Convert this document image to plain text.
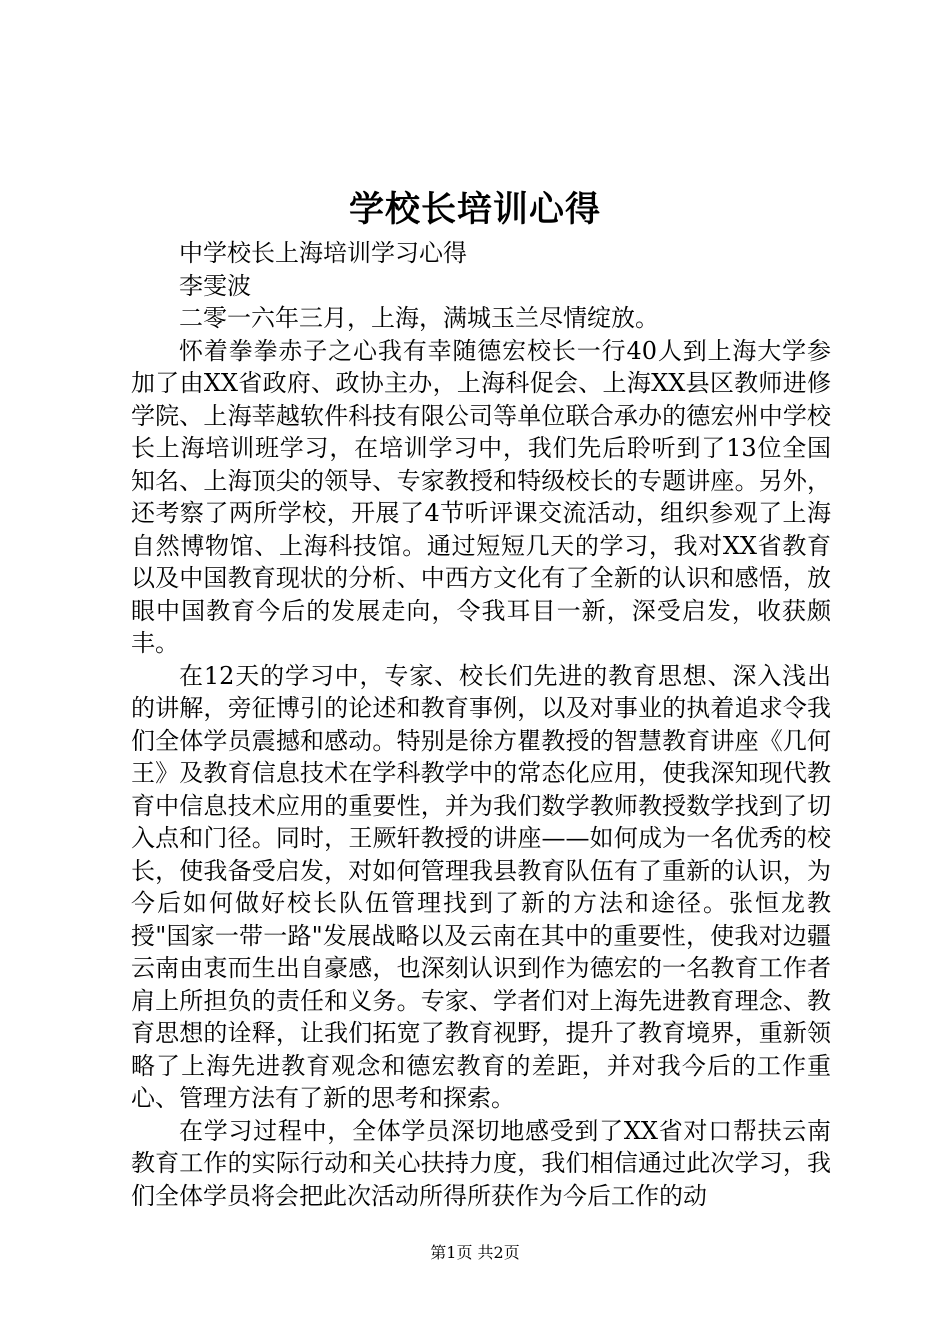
学校长培训心得

中学校长上海培训学习心得

李雯波

二零一六年三月，上海，满城玉兰尽情绽放。

怀着拳拳赤子之心我有幸随德宏校长一行40人到上海大学参加了由XX省政府、政协主办，上海科促会、上海XX县区教师进修学院、上海莘越软件科技有限公司等单位联合承办的德宏州中学校长上海培训班学习，在培训学习中，我们先后聆听到了13位全国知名、上海顶尖的领导、专家教授和特级校长的专题讲座。另外，还考察了两所学校，开展了4节听评课交流活动，组织参观了上海自然博物馆、上海科技馆。通过短短几天的学习，我对XX省教育以及中国教育现状的分析、中西方文化有了全新的认识和感悟，放眼中国教育今后的发展走向，令我耳目一新，深受启发，收获颇丰。

在12天的学习中，专家、校长们先进的教育思想、深入浅出的讲解，旁征博引的论述和教育事例，以及对事业的执着追求令我们全体学员震撼和感动。特别是徐方瞿教授的智慧教育讲座《几何王》及教育信息技术在学科教学中的常态化应用，使我深知现代教育中信息技术应用的重要性，并为我们数学教师教授数学找到了切入点和门径。同时，王厥轩教授的讲座——如何成为一名优秀的校长，使我备受启发，对如何管理我县教育队伍有了重新的认识，为今后如何做好校长队伍管理找到了新的方法和途径。张恒龙教授"国家一带一路"发展战略以及云南在其中的重要性，使我对边疆云南由衷而生出自豪感，也深刻认识到作为德宏的一名教育工作者肩上所担负的责任和义务。专家、学者们对上海先进教育理念、教育思想的诠释，让我们拓宽了教育视野，提升了教育境界，重新领略了上海先进教育观念和德宏教育的差距，并对我今后的工作重心、管理方法有了新的思考和探索。

在学习过程中，全体学员深切地感受到了XX省对口帮扶云南教育工作的实际行动和关心扶持力度，我们相信通过此次学习，我们全体学员将会把此次活动所得所获作为今后工作的动

第1页 共2页
